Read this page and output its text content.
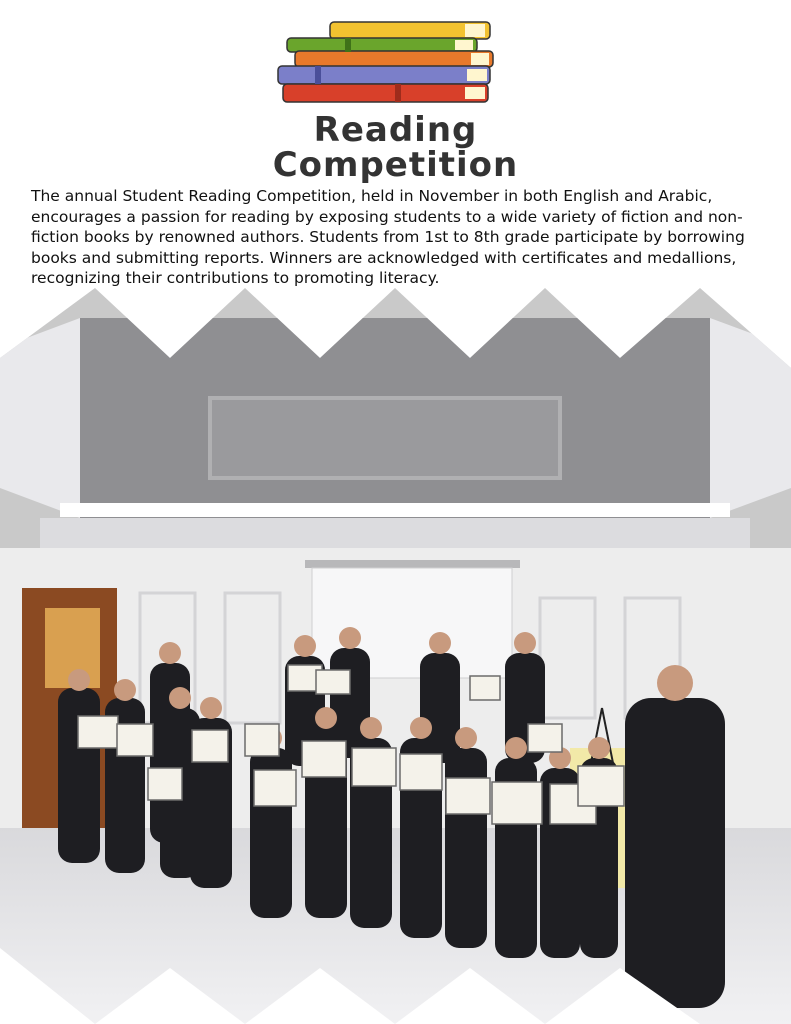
Reading
Competition
The annual Student Reading Competition, held in November in both English and Arabic, encourages a passion for reading by exposing students to a wide variety of fiction and non-fiction books by renowned authors. Students from 1st to 8th grade participate by borrowing books and submitting reports. Winners are acknowledged with certificates and medallions, recognizing their contributions to promoting literacy.
